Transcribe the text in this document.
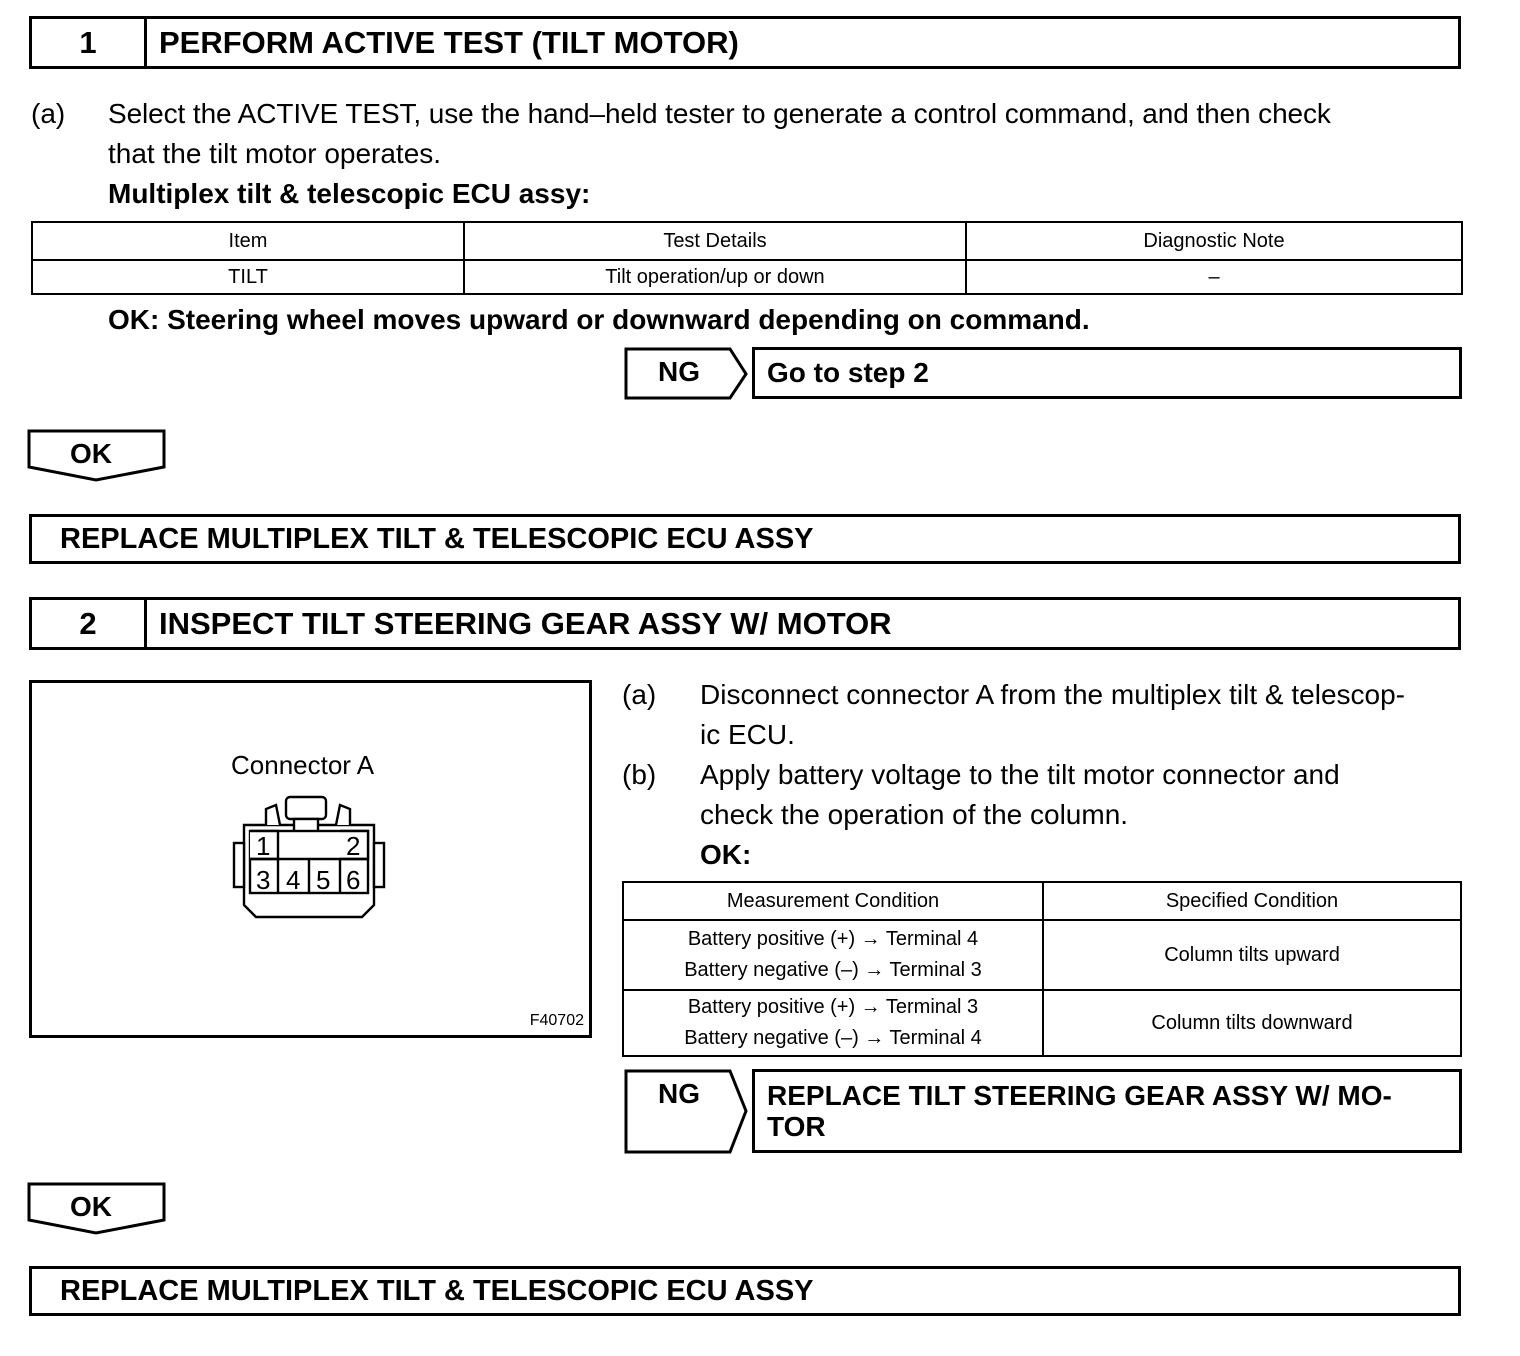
1	PERFORM ACTIVE TEST (TILT MOTOR)
(a) Select the ACTIVE TEST, use the hand–held tester to generate a control command, and then check
that the tilt motor operates.
Multiplex tilt & telescopic ECU assy:
Item	Test Details	Diagnostic Note
TILT	Tilt operation/up or down	–
OK: Steering wheel moves upward or downward depending on command.
NG Go to step 2
OK
REPLACE MULTIPLEX TILT & TELESCOPIC ECU ASSY
2	INSPECT TILT STEERING GEAR ASSY W/ MOTOR
Connector A
1	2
3 4 5 6
F40702
(a) Disconnect connector A from the multiplex tilt & telescop-
ic ECU.
(b) Apply battery voltage to the tilt motor connector and
check the operation of the column.
OK:
Measurement Condition	Specified Condition

Battery positive (+) → Terminal 4
Battery negative (–) → Terminal 3	Column tilts upward

Battery positive (+) → Terminal 3
Battery negative (–) → Terminal 4	Column tilts downward
NG REPLACE TILT STEERING GEAR ASSY W/ MO-
TOR
OK
REPLACE MULTIPLEX TILT & TELESCOPIC ECU ASSY
